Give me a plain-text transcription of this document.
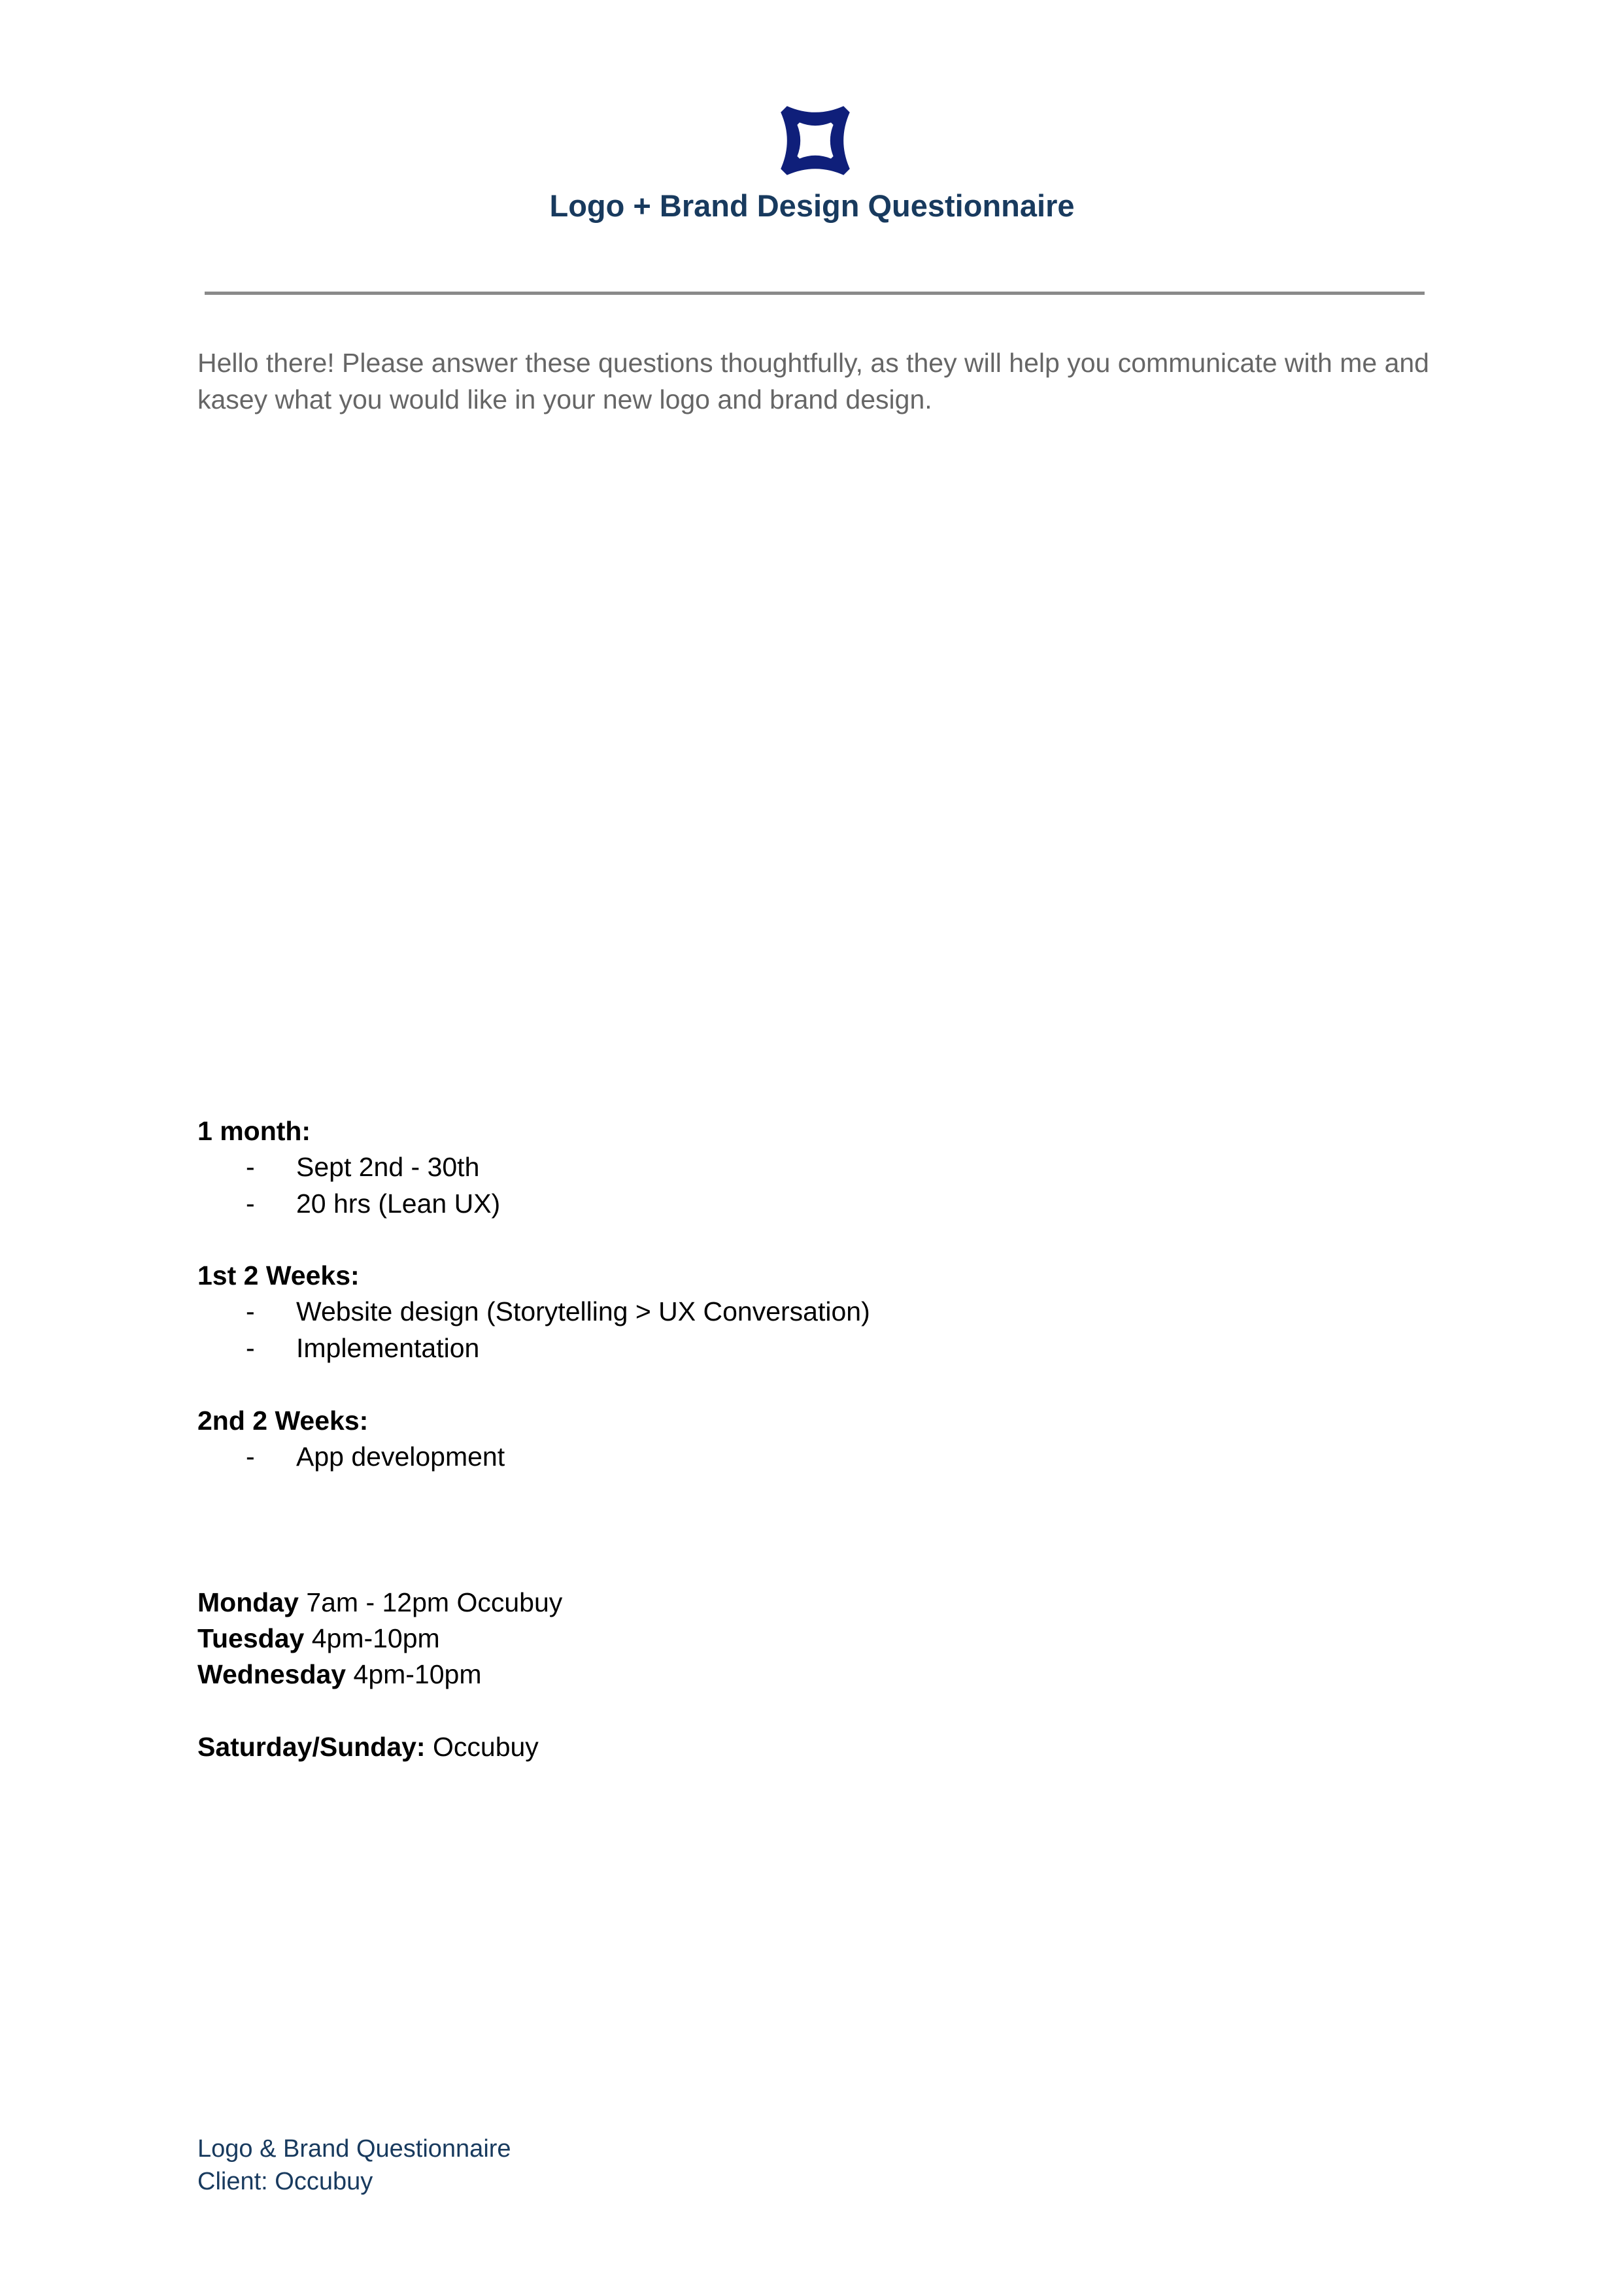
Logo + Brand Design Questionnaire

Hello there! Please answer these questions thoughtfully, as they will help you communicate with me and kasey what you would like in your new logo and brand design.

1 month:

- Sept 2nd - 30th
- 20 hrs (Lean UX)

1st 2 Weeks:

- Website design (Storytelling > UX Conversation)
- Implementation

2nd 2 Weeks:

- App development

Monday 7am - 12pm Occubuy

Tuesday 4pm-10pm

Wednesday 4pm-10pm

Saturday/Sunday: Occubuy

Logo & Brand Questionnaire

Client: Occubuy
